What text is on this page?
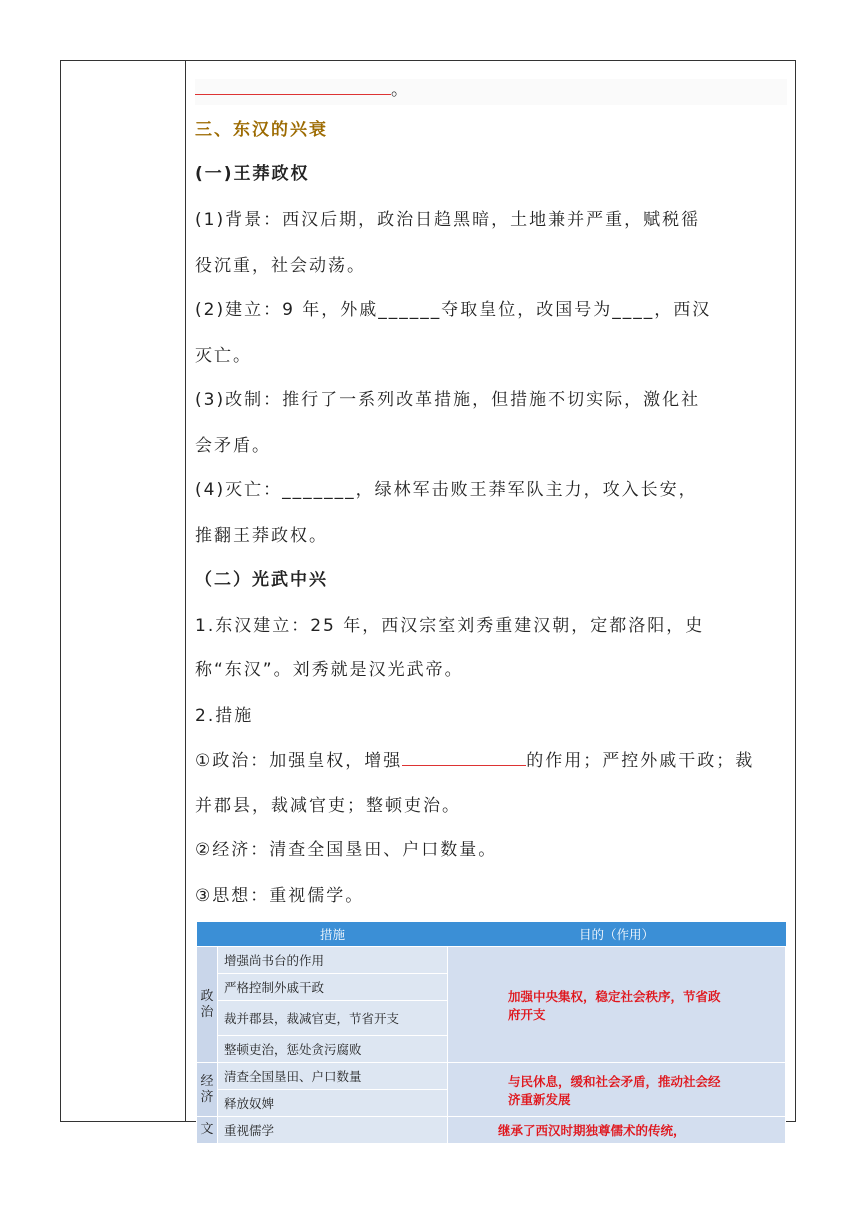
。
三、东汉的兴衰
(一)王莽政权
(1)背景：西汉后期，政治日趋黑暗，土地兼并严重，赋税徭
役沉重，社会动荡。
(2)建立：9 年，外戚______夺取皇位，改国号为____，西汉
灭亡。
(3)改制：推行了一系列改革措施，但措施不切实际，激化社
会矛盾。
(4)灭亡：_______，绿林军击败王莽军队主力，攻入长安，
推翻王莽政权。
（二）光武中兴
1.东汉建立：25 年，西汉宗室刘秀重建汉朝，定都洛阳，史
称“东汉”。刘秀就是汉光武帝。
2.措施
①政治：加强皇权，增强	的作用；严控外戚干政；裁
并郡县，裁减官吏；整顿吏治。
②经济：清查全国垦田、户口数量。
③思想：重视儒学。
	措施	目的（作用）
政治	增强尚书台的作用	加强中央集权，稳定社会秩序，节省政府开支
	严格控制外戚干政	
	裁并郡县，裁减官吏，节省开支	
	整顿吏治，惩处贪污腐败	
经济	清查全国垦田、户口数量	与民休息，缓和社会矛盾，推动社会经济重新发展
	释放奴婢	
文	重视儒学	继承了西汉时期独尊儒术的传统，
